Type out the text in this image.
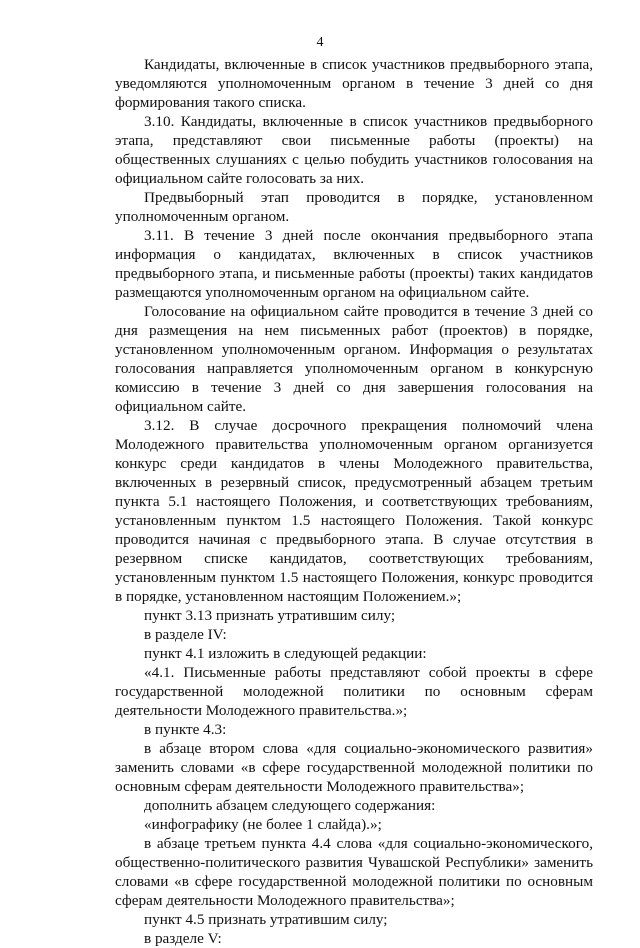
4

Кандидаты, включенные в список участников предвыборного этапа, уведомляются уполномоченным органом в течение 3 дней со дня формирования такого списка.

3.10. Кандидаты, включенные в список участников предвыборного этапа, представляют свои письменные работы (проекты) на общественных слушаниях с целью побудить участников голосования на официальном сайте голосовать за них.

Предвыборный этап проводится в порядке, установленном уполномоченным органом.

3.11. В течение 3 дней после окончания предвыборного этапа информация о кандидатах, включенных в список участников предвыборного этапа, и письменные работы (проекты) таких кандидатов размещаются уполномоченным органом на официальном сайте.

Голосование на официальном сайте проводится в течение 3 дней со дня размещения на нем письменных работ (проектов) в порядке, установленном уполномоченным органом. Информация о результатах голосования направляется уполномоченным органом в конкурсную комиссию в течение 3 дней со дня завершения голосования на официальном сайте.

3.12. В случае досрочного прекращения полномочий члена Молодежного правительства уполномоченным органом организуется конкурс среди кандидатов в члены Молодежного правительства, включенных в резервный список, предусмотренный абзацем третьим пункта 5.1 настоящего Положения, и соответствующих требованиям, установленным пунктом 1.5 настоящего Положения. Такой конкурс проводится начиная с предвыборного этапа. В случае отсутствия в резервном списке кандидатов, соответствующих требованиям, установленным пунктом 1.5 настоящего Положения, конкурс проводится в порядке, установленном настоящим Положением.»;

пункт 3.13 признать утратившим силу;

в разделе IV:

пункт 4.1 изложить в следующей редакции:

«4.1. Письменные работы представляют собой проекты в сфере государственной молодежной политики по основным сферам деятельности Молодежного правительства.»;

в пункте 4.3:

в абзаце втором слова «для социально-экономического развития» заменить словами «в сфере государственной молодежной политики по основным сферам деятельности Молодежного правительства»;

дополнить абзацем следующего содержания:

«инфографику (не более 1 слайда).»;

в абзаце третьем пункта 4.4 слова «для социально-экономического, общественно-политического развития Чувашской Республики» заменить словами «в сфере государственной молодежной политики по основным сферам деятельности Молодежного правительства»;

пункт 4.5 признать утратившим силу;

в разделе V:
